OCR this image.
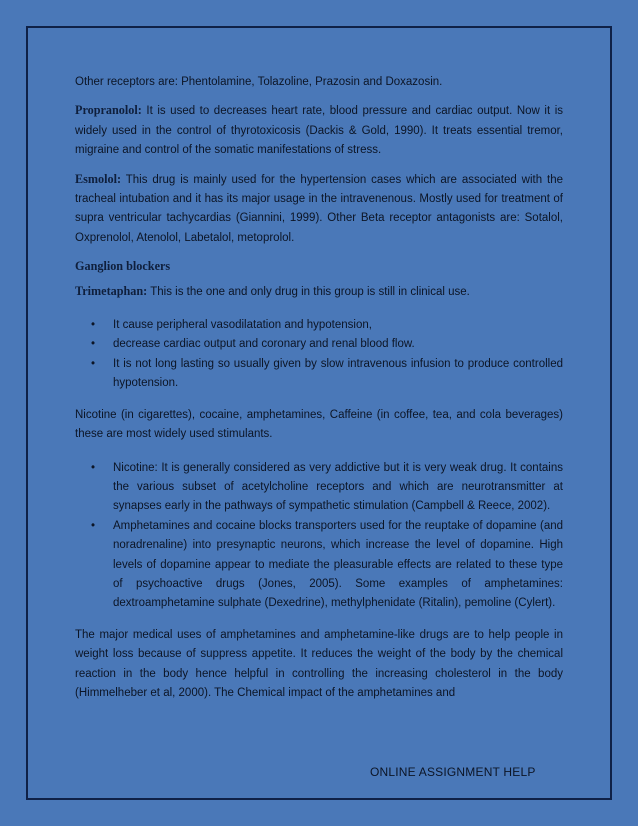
Other receptors are: Phentolamine, Tolazoline, Prazosin and Doxazosin.

Propranolol: It is used to decreases heart rate, blood pressure and cardiac output. Now it is widely used in the control of thyrotoxicosis (Dackis & Gold, 1990). It treats essential tremor, migraine and control of the somatic manifestations of stress.

Esmolol: This drug is mainly used for the hypertension cases which are associated with the tracheal intubation and it has its major usage in the intravenenous. Mostly used for treatment of supra ventricular tachycardias (Giannini, 1999). Other Beta receptor antagonists are: Sotalol, Oxprenolol, Atenolol, Labetalol, metoprolol.

Ganglion blockers

Trimetaphan: This is the one and only drug in this group is still in clinical use.

• It cause peripheral vasodilatation and hypotension,
• decrease cardiac output and coronary and renal blood flow.
• It is not long lasting so usually given by slow intravenous infusion to produce controlled hypotension.

Nicotine (in cigarettes), cocaine, amphetamines, Caffeine (in coffee, tea, and cola beverages) these are most widely used stimulants.

• Nicotine: It is generally considered as very addictive but it is very weak drug. It contains the various subset of acetylcholine receptors and which are neurotransmitter at synapses early in the pathways of sympathetic stimulation (Campbell & Reece, 2002).
• Amphetamines and cocaine blocks transporters used for the reuptake of dopamine (and noradrenaline) into presynaptic neurons, which increase the level of dopamine. High levels of dopamine appear to mediate the pleasurable effects are related to these type of psychoactive drugs (Jones, 2005). Some examples of amphetamines: dextroamphetamine sulphate (Dexedrine), methylphenidate (Ritalin), pemoline (Cylert).

The major medical uses of amphetamines and amphetamine-like drugs are to help people in weight loss because of suppress appetite. It reduces the weight of the body by the chemical reaction in the body hence helpful in controlling the increasing cholesterol in the body (Himmelheber et al, 2000). The Chemical impact of the amphetamines and

ONLINE ASSIGNMENT HELP
